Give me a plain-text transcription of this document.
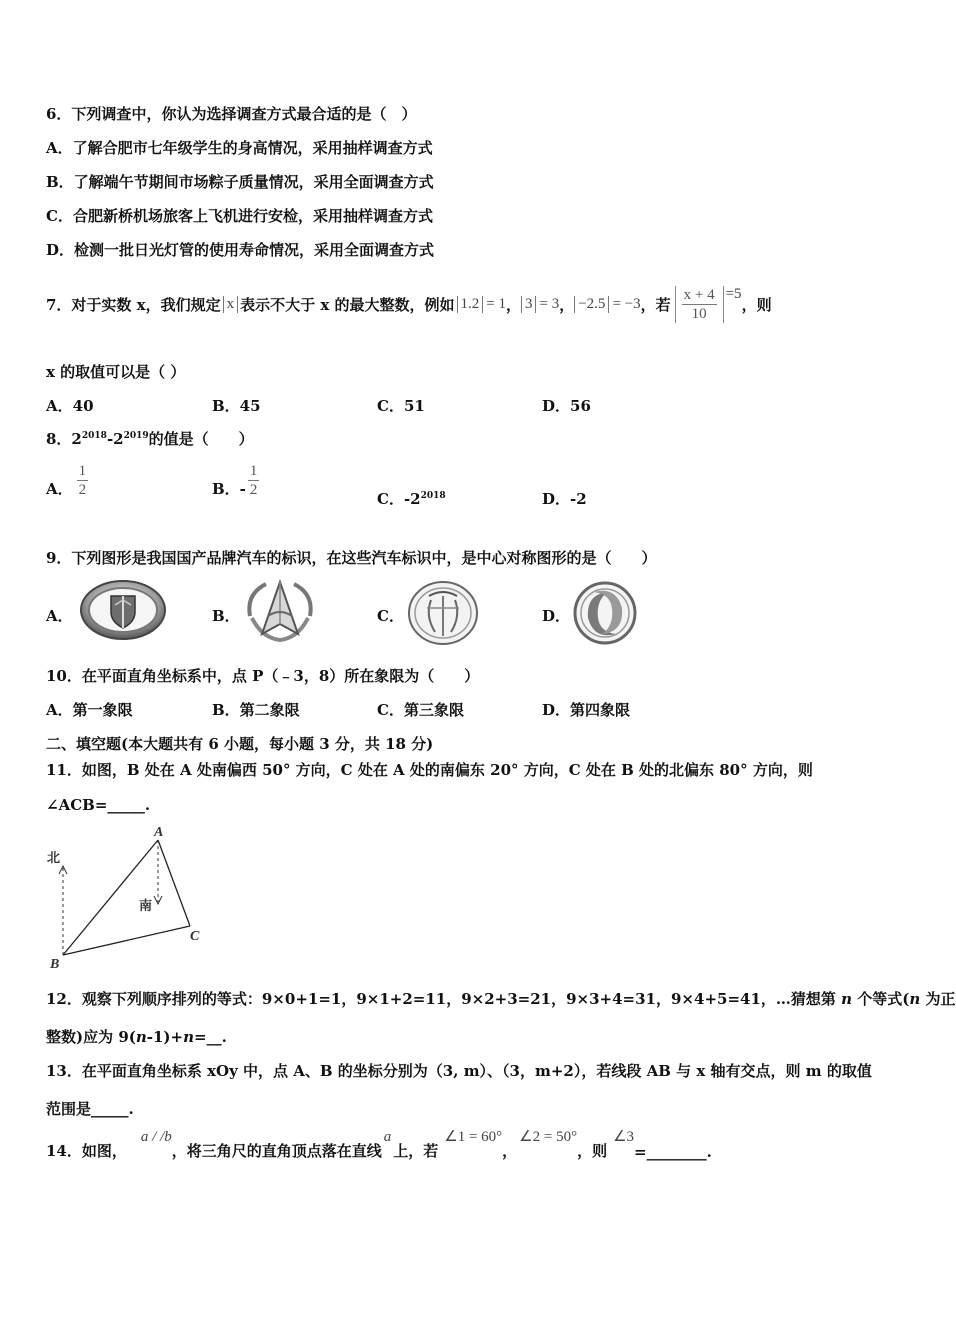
6．下列调查中，你认为选择调查方式最合适的是（　）
A．了解合肥市七年级学生的身高情况，采用抽样调查方式
B．了解端午节期间市场粽子质量情况，采用全面调查方式
C．合肥新桥机场旅客上飞机进行安检，采用抽样调查方式
D．检测一批日光灯管的使用寿命情况，采用全面调查方式
7．对于实数 x，我们规定 x 表示不大于 x 的最大整数，例如 1.2 = 1 ， 3 = 3 ， −2.5 = −3 ，若 $\frac{x + 4}{10} =5$
，则
x 的取值可以是（ ）
A．40	B．45	C．51	D．56
8．$2^{2018}-2^{2019}$的值是（　　）
A． $\frac{1}{2}$	B．- $\frac{1}{2}$	C．$-2^{2018}$	D．-2
9．下列图形是我国国产品牌汽车的标识，在这些汽车标识中，是中心对称图形的是（　　）
A．	B．	C．	D．
10．在平面直角坐标系中，点 P（﹣3，8）所在象限为（　　）
A．第一象限	B．第二象限	C．第三象限	D．第四象限
二、填空题(本大题共有 6 小题，每小题 3 分，共 18 分)
11．如图，B 处在 A 处南偏西 50° 方向，C 处在 A 处的南偏东 20° 方向，C 处在 B 处的北偏东 80° 方向，则
∠ACB=_____.
北
南
A
B
C
12．观察下列顺序排列的等式：9×0+1=1，9×1+2=11，9×2+3=21，9×3+4=31，9×4+5=41，…猜想第 n 个等式(n 为正
整数)应为 9(n-1)+n=__.
13．在平面直角坐标系 xOy 中，点 A、B 的坐标分别为（3, m）、（3，m+2），若线段 AB 与 x 轴有交点，则 m 的取值
范围是_____.
14．如图，
a / /b
，将三角尺的直角顶点落在直线
a
上，若
∠1 = 60°
，
∠2 = 50°
，则
∠3
=________.
